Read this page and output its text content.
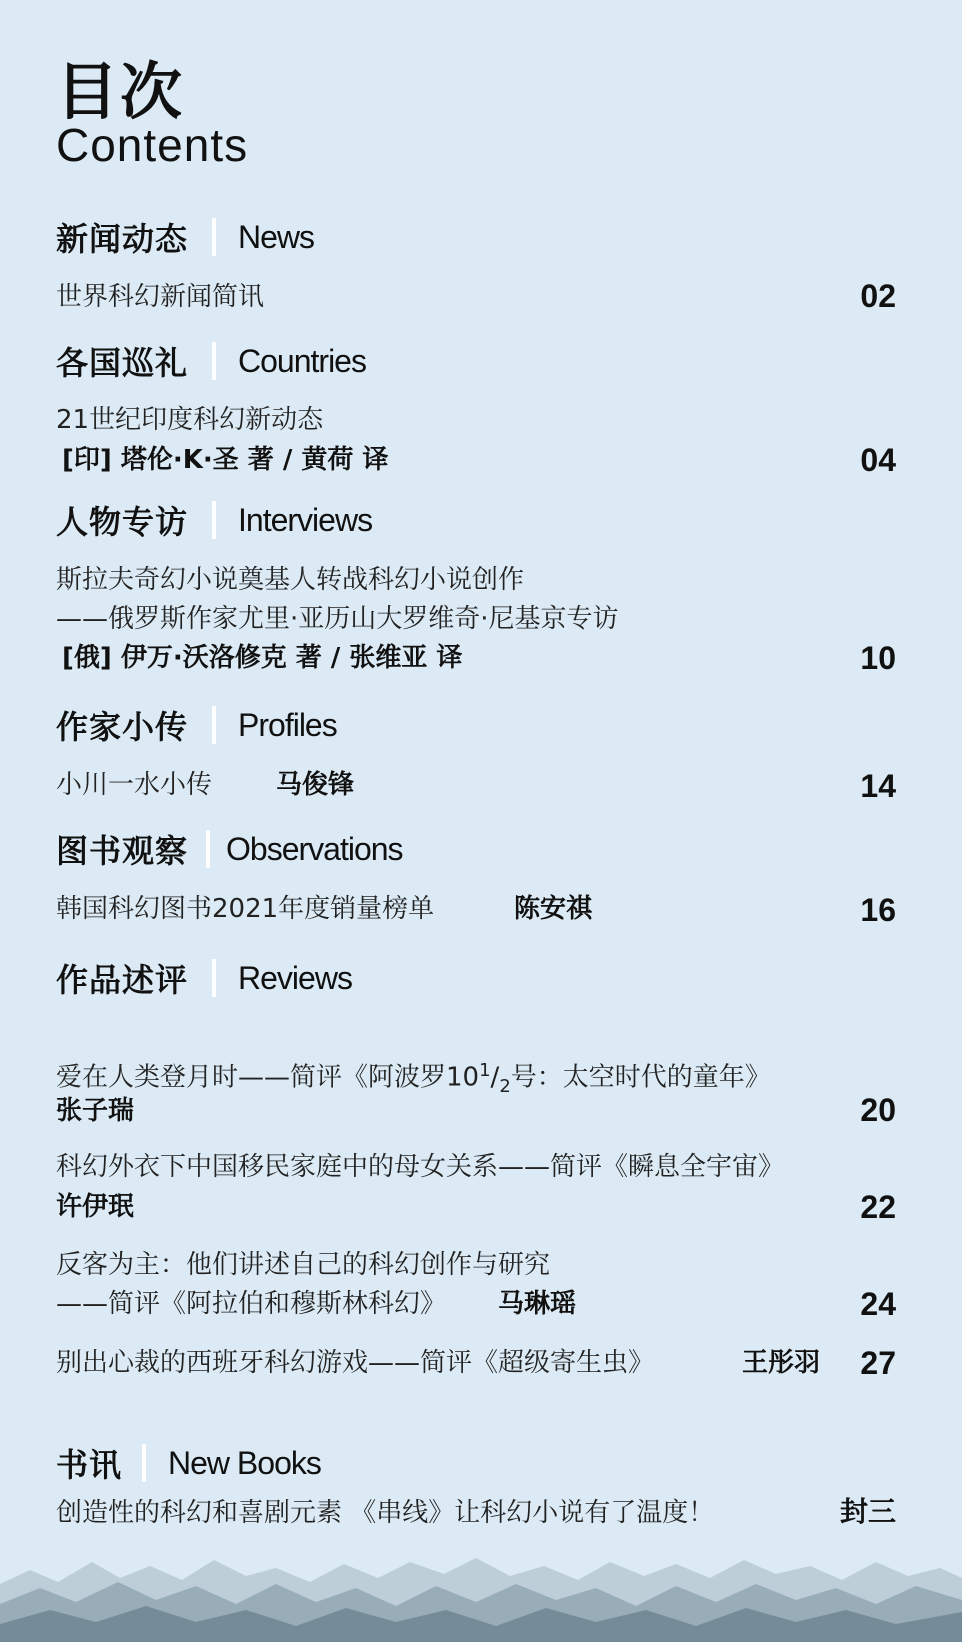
目次
Contents
新闻动态 News
世界科幻新闻简讯	02
各国巡礼 Countries
21世纪印度科幻新动态
[印] 塔伦·K·圣 著 / 黄荷 译	04
人物专访 Interviews
斯拉夫奇幻小说奠基人转战科幻小说创作
——俄罗斯作家尤里·亚历山大罗维奇·尼基京专访
[俄] 伊万·沃洛修克 著 / 张维亚 译	10
作家小传 Profiles
小川一水小传 马俊锋	14
图书观察 Observations
韩国科幻图书2021年度销量榜单	陈安祺	16
作品述评 Reviews
爱在人类登月时——简评《阿波罗$10^1/_2$号：太空时代的童年》
张子瑞	20
科幻外衣下中国移民家庭中的母女关系——简评《瞬息全宇宙》
许伊珉	22
反客为主：他们讲述自己的科幻创作与研究
——简评《阿拉伯和穆斯林科幻》 马琳瑶	24
别出心裁的西班牙科幻游戏——简评《超级寄生虫》	王彤羽 27
书讯 New Books
创造性的科幻和喜剧元素 《串线》让科幻小说有了温度！	封三
